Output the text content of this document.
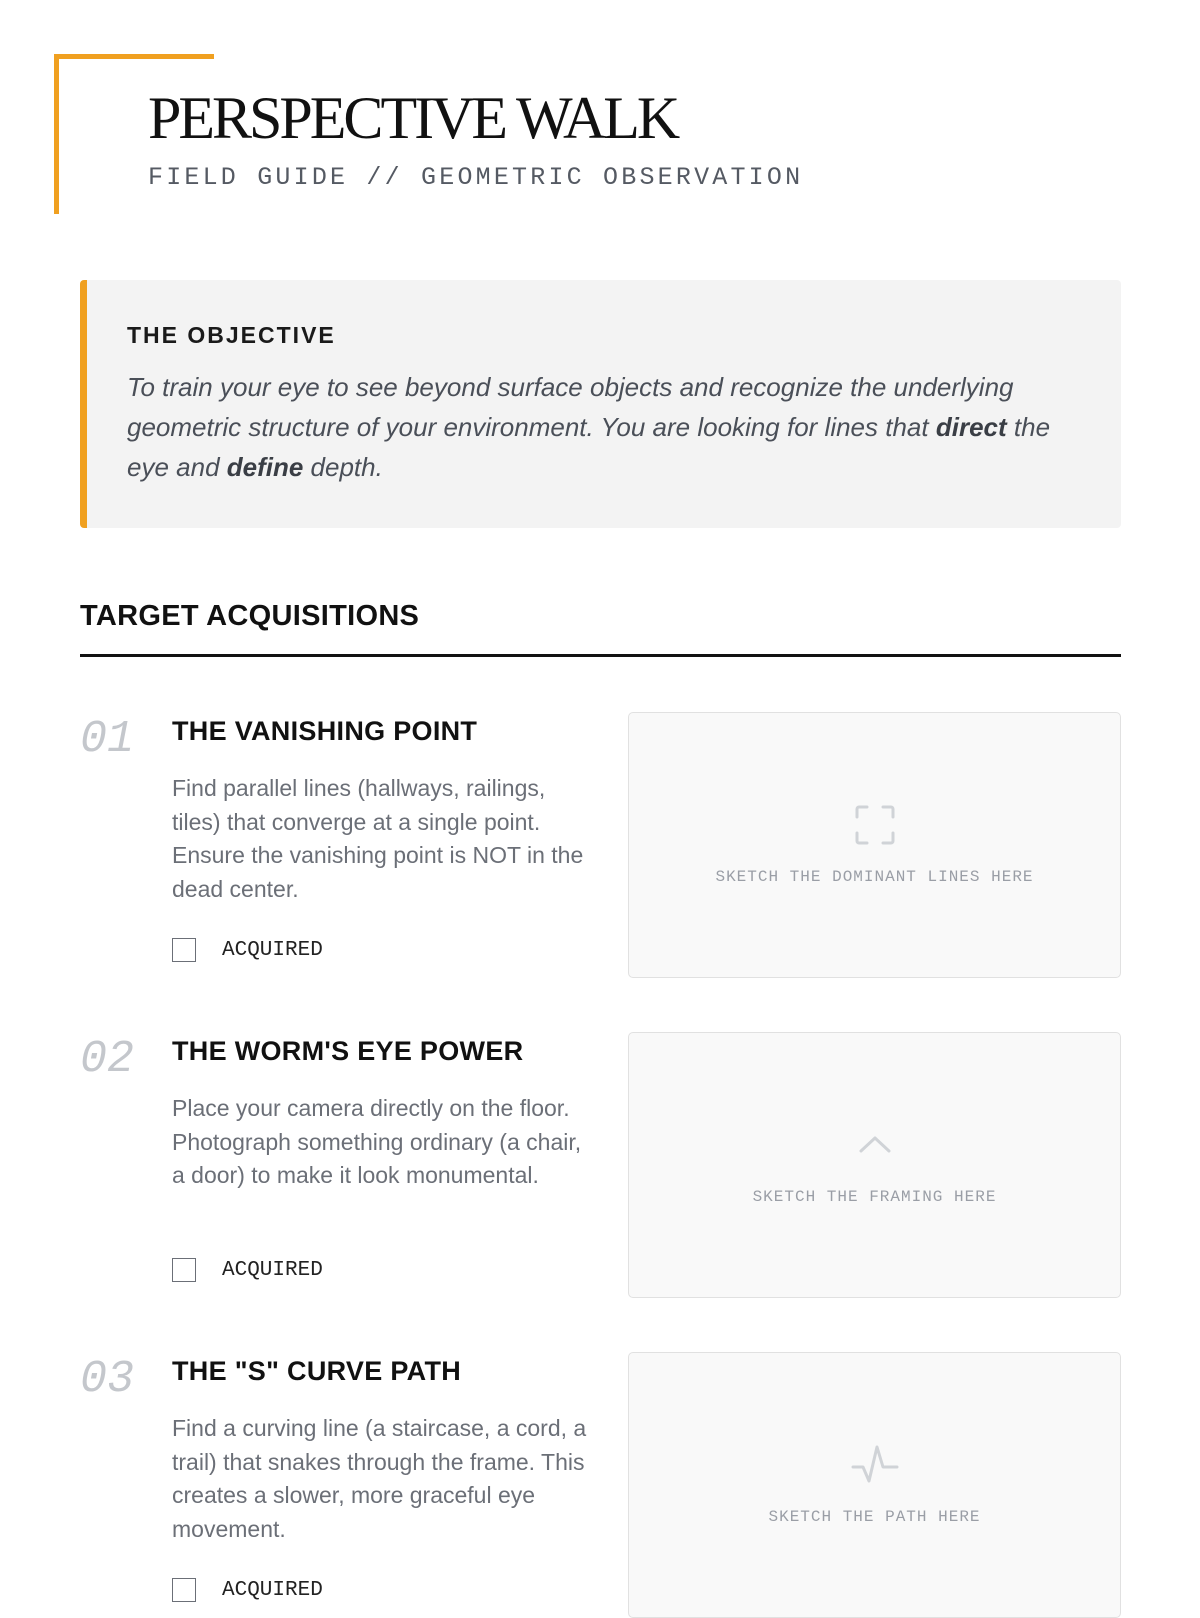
PERSPECTIVE WALK

FIELD GUIDE // GEOMETRIC OBSERVATION

THE OBJECTIVE

To train your eye to see beyond surface objects and recognize the underlying geometric structure of your environment. You are looking for lines that direct the eye and define depth.

TARGET ACQUISITIONS
01 THE VANISHING POINT

Find parallel lines (hallways, railings, tiles) that converge at a single point. Ensure the vanishing point is NOT in the dead center.

ACQUIRED
SKETCH THE DOMINANT LINES HERE
02 THE WORM'S EYE POWER

Place your camera directly on the floor. Photograph something ordinary (a chair, a door) to make it look monumental.

ACQUIRED
SKETCH THE FRAMING HERE
03 THE "S" CURVE PATH

Find a curving line (a staircase, a cord, a trail) that snakes through the frame. This creates a slower, more graceful eye movement.

ACQUIRED
SKETCH THE PATH HERE
